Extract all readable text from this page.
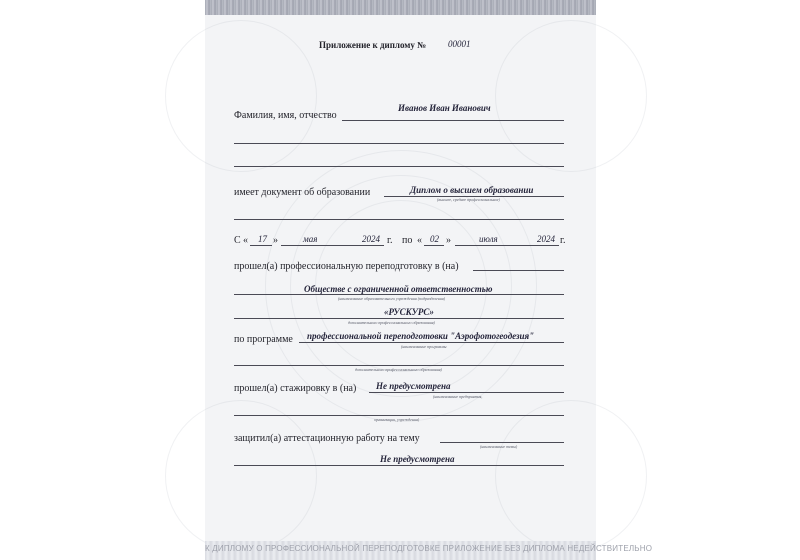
Приложение к диплому № 00001
Фамилия, имя, отчество
Иванов Иван Иванович
имеет документ об образовании	Диплом о высшем образовании
(высшее, среднее профессиональное)
С « 17 »	мая	2024 г. по « 02 »	июля	2024 г.
прошел(а) профессиональную переподготовку в (на)
Обществе с ограниченной ответственностью
(наименование образовательного учреждения (подразделения)
«РУСКУРС»
дополнительного профессионального образования)
по программе профессиональной переподготовки "Аэрофотогеодезия"
(наименование программы
дополнительного профессионального образования)
прошел(а) стажировку в (на) Не предусмотрена
(наименование предприятия,
организации, учреждения)
защитил(а) аттестационную работу на тему
(наименование темы)
Не предусмотрена
К ДИПЛОМУ О ПРОФЕССИОНАЛЬНОЙ ПЕРЕПОДГОТОВКЕ ПРИЛОЖЕНИЕ БЕЗ ДИПЛОМА НЕДЕЙСТВИТЕЛЬНО
